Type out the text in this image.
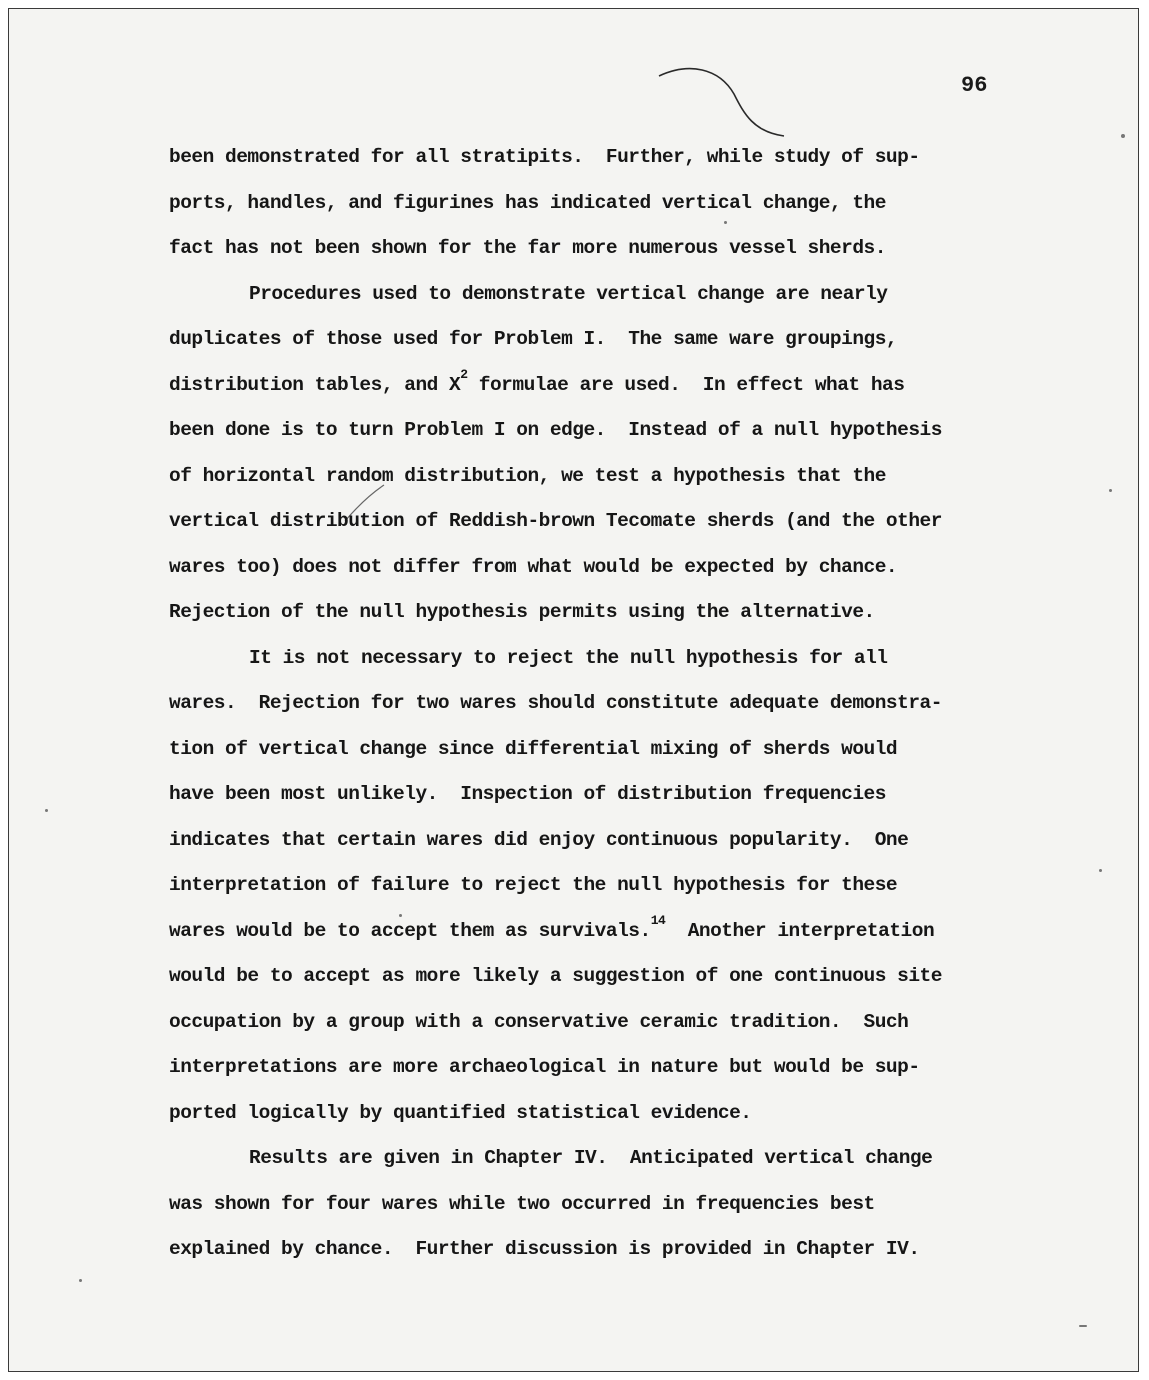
96
been demonstrated for all stratipits.  Further, while study of sup-
ports, handles, and figurines has indicated vertical change, the
fact has not been shown for the far more numerous vessel sherds.
Procedures used to demonstrate vertical change are nearly
duplicates of those used for Problem I.  The same ware groupings,
distribution tables, and $X^2$ formulae are used.  In effect what has
been done is to turn Problem I on edge.  Instead of a null hypothesis
of horizontal random distribution, we test a hypothesis that the
vertical distribution of Reddish-brown Tecomate sherds (and the other
wares too) does not differ from what would be expected by chance.
Rejection of the null hypothesis permits using the alternative.
It is not necessary to reject the null hypothesis for all
wares.  Rejection for two wares should constitute adequate demonstra-
tion of vertical change since differential mixing of sherds would
have been most unlikely.  Inspection of distribution frequencies
indicates that certain wares did enjoy continuous popularity.  One
interpretation of failure to reject the null hypothesis for these
wares would be to accept them as survivals.$^{14}$  Another interpretation
would be to accept as more likely a suggestion of one continuous site
occupation by a group with a conservative ceramic tradition.  Such
interpretations are more archaeological in nature but would be sup-
ported logically by quantified statistical evidence.
Results are given in Chapter IV.  Anticipated vertical change
was shown for four wares while two occurred in frequencies best
explained by chance.  Further discussion is provided in Chapter IV.
